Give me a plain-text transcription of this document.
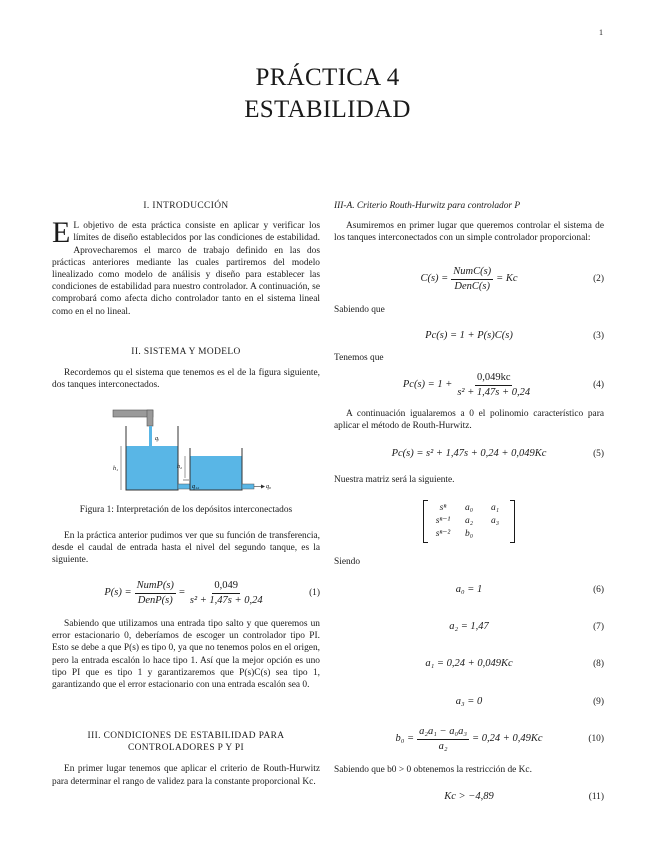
1
PRÁCTICA 4
ESTABILIDAD
I. INTRODUCCIÓN
E L objetivo de esta práctica consiste en aplicar y verificar los límites de diseño establecidos por las condiciones de estabilidad. Aprovecharemos el marco de trabajo definido en las dos prácticas anteriores mediante las cuales partiremos del modelo linealizado como modelo de análisis y diseño para establecer las condiciones de estabilidad para nuestro controlador. A continuación, se comprobará como afecta dicho controlador tanto en el sistema lineal como en el no lineal.
II. SISTEMA Y MODELO

Recordemos qu el sistema que tenemos es el de la figura siguiente, dos tanques interconectados.

qᵢ
h₁	h₂
q₁₂	q₀
Figura 1: Interpretación de los depósitos interconectados

En la práctica anterior pudimos ver que su función de transferencia, desde el caudal de entrada hasta el nivel del segundo tanque, es la siguiente.

$P(s) = \frac{\text{NumP(s)}}{\text{DenP(s)}} = \frac{0,049}{\text{s² + 1,47s + 0,24}}$	(1)

Sabiendo que utilizamos una entrada tipo salto y que queremos un error estacionario 0, deberíamos de escoger un controlador tipo PI. Esto se debe a que P(s) es tipo 0, ya que no tenemos polos en el origen, pero la entrada escalón lo hace tipo 1. Así que la mejor opción es uno tipo PI que es tipo 1 y garantizaremos que P(s)C(s) sea tipo 1, garantizando que el error estacionario con una entrada escalón sea 0.

III. CONDICIONES DE ESTABILIDAD PARA
CONTROLADORES P Y PI

En primer lugar tenemos que aplicar el criterio de Routh-Hurwitz para determinar el rango de validez para la constante proporcional Kc.

III-A. Criterio Routh-Hurwitz para controlador P

Asumiremos en primer lugar que queremos controlar el sistema de los tanques interconectados con un simple controlador proporcional:

$C(s) = \frac{\text{NumC(s)}}{\text{DenC(s)}} = Kc$	(2)
Sabiendo que
Pc(s) = 1 + P(s)C(s)	(3)
Tenemos que
$Pc(s) = 1 + \frac{0,049kc}{\text{s² + 1,47s + 0,24}}$	(4)

A continuación igualaremos a 0 el polinomio característico para aplicar el método de Routh-Hurwitz.

Pc(s) = s² + 1,47s + 0,24 + 0,049Kc	(5)
Nuestra matriz será la siguiente.
sⁿ	a₀	a₁
sⁿ⁻¹	a₂	a₃
sⁿ⁻²	b₀
Siendo
a₀ = 1	(6)
a₂ = 1,47	(7)
a₁ = 0,24 + 0,049Kc	(8)
a₃ = 0	(9)
$b_0 = \frac{\text{a₂a₁ − a₀a₃}}{\text{a₂}} = 0,24 + 0,49Kc$	(10)
Sabiendo que b0 > 0 obtenemos la restricción de Kc.
Kc > −4,89	(11)
